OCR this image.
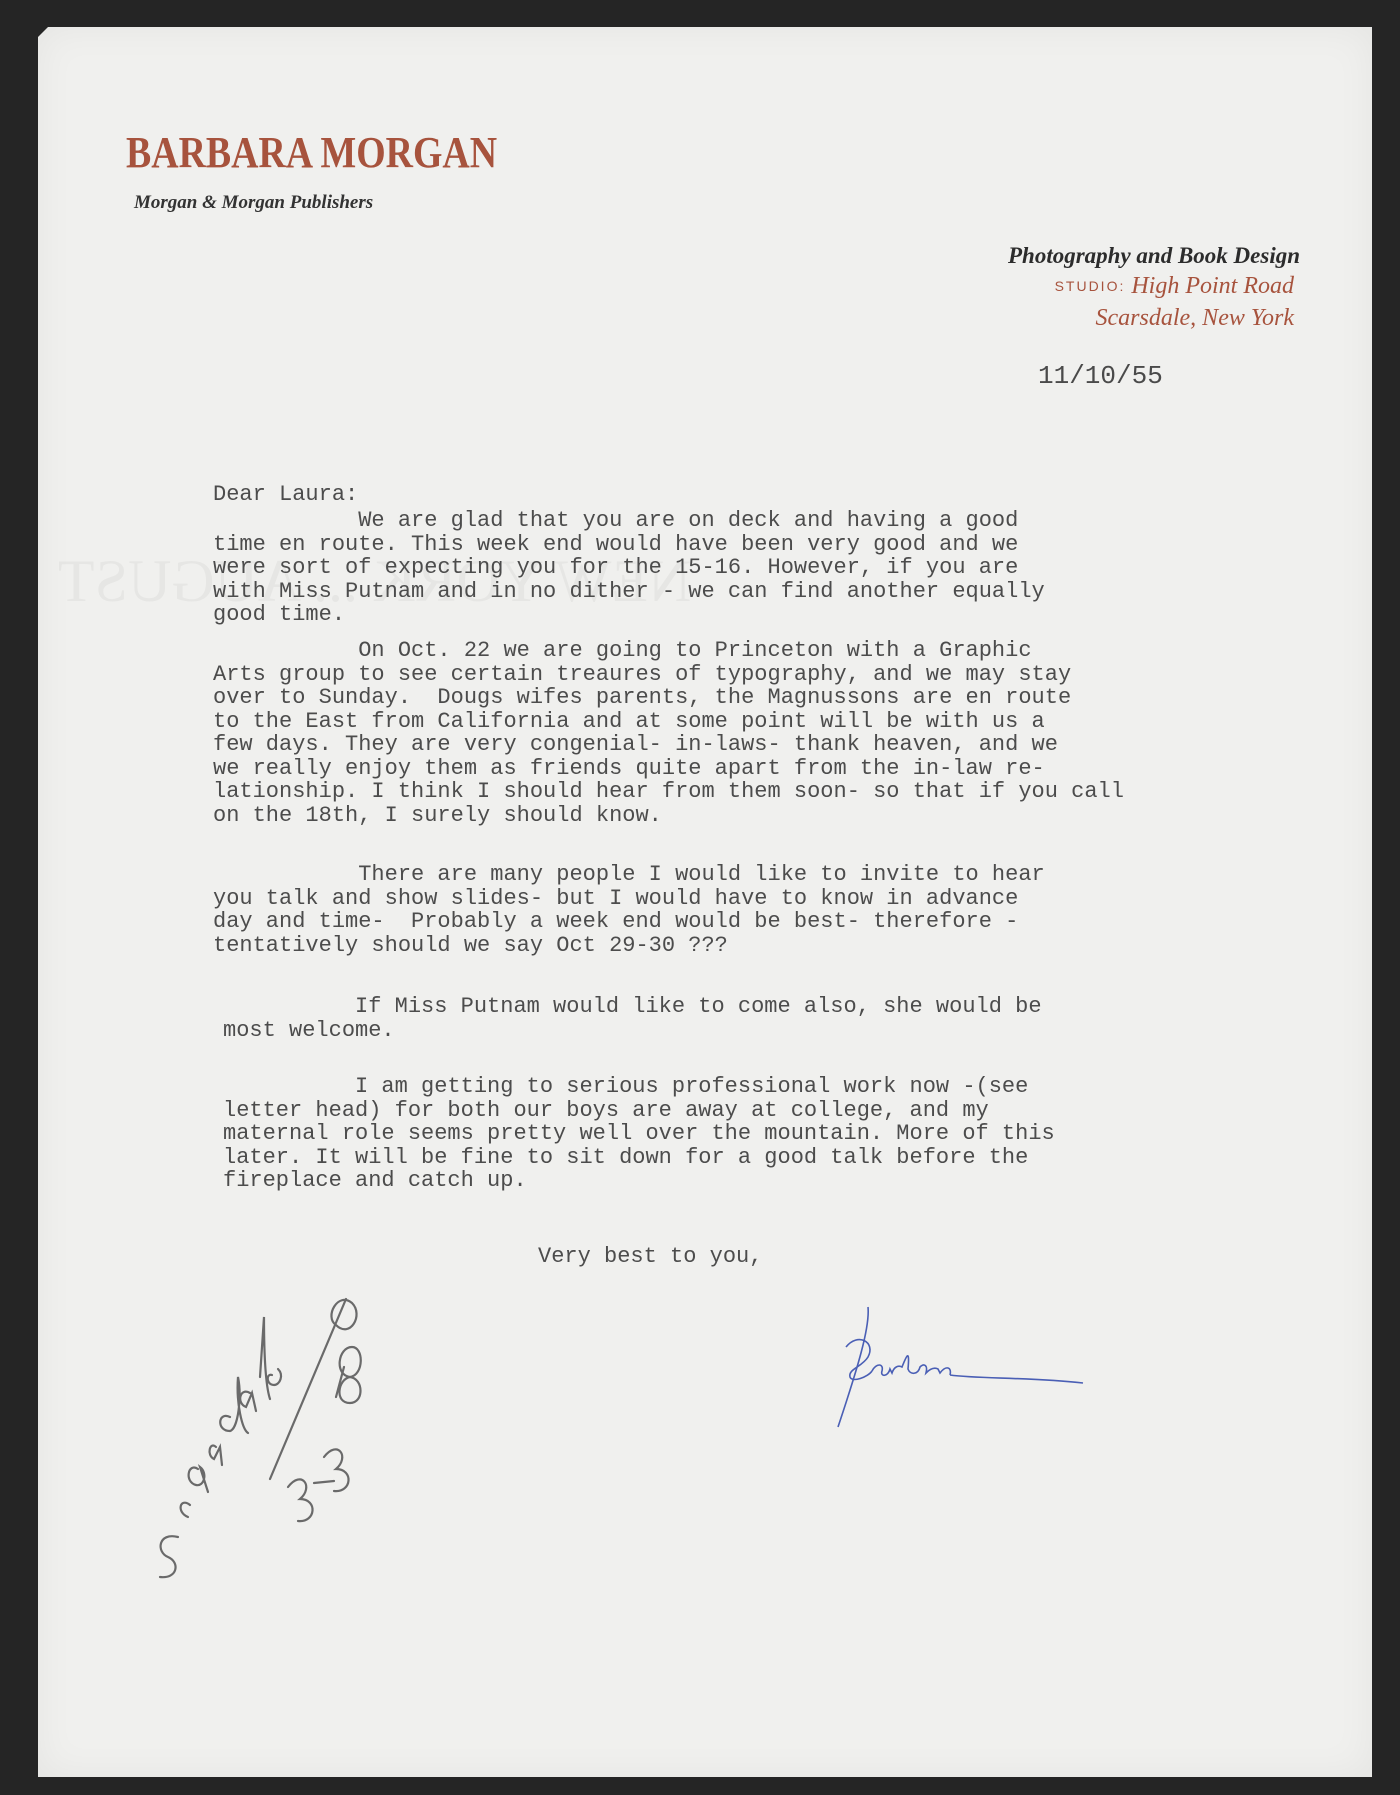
BARBARA MORGAN
Morgan & Morgan Publishers
Photography and Book Design
STUDIO: High Point Road
Scarsdale, New York
11/10/55
Dear Laura:
We are glad that you are on deck and having a good
time en route. This week end would have been very good and we
were sort of expecting you for the 15-16. However, if you are
with Miss Putnam and in no dither - we can find another equally
good time.
On Oct. 22 we are going to Princeton with a Graphic
Arts group to see certain treaures of typography, and we may stay
over to Sunday.  Dougs wifes parents, the Magnussons are en route
to the East from California and at some point will be with us a
few days. They are very congenial- in-laws- thank heaven, and we
we really enjoy them as friends quite apart from the in-law re-
lationship. I think I should hear from them soon- so that if you call
on the 18th, I surely should know.
There are many people I would like to invite to hear
you talk and show slides- but I would have to know in advance
day and time-  Probably a week end would be best- therefore -
tentatively should we say Oct 29-30 ???
If Miss Putnam would like to come also, she would be
most welcome.
I am getting to serious professional work now -(see
letter head) for both our boys are away at college, and my
maternal role seems pretty well over the mountain. More of this
later. It will be fine to sit down for a good talk before the
fireplace and catch up.
Very best to you,
